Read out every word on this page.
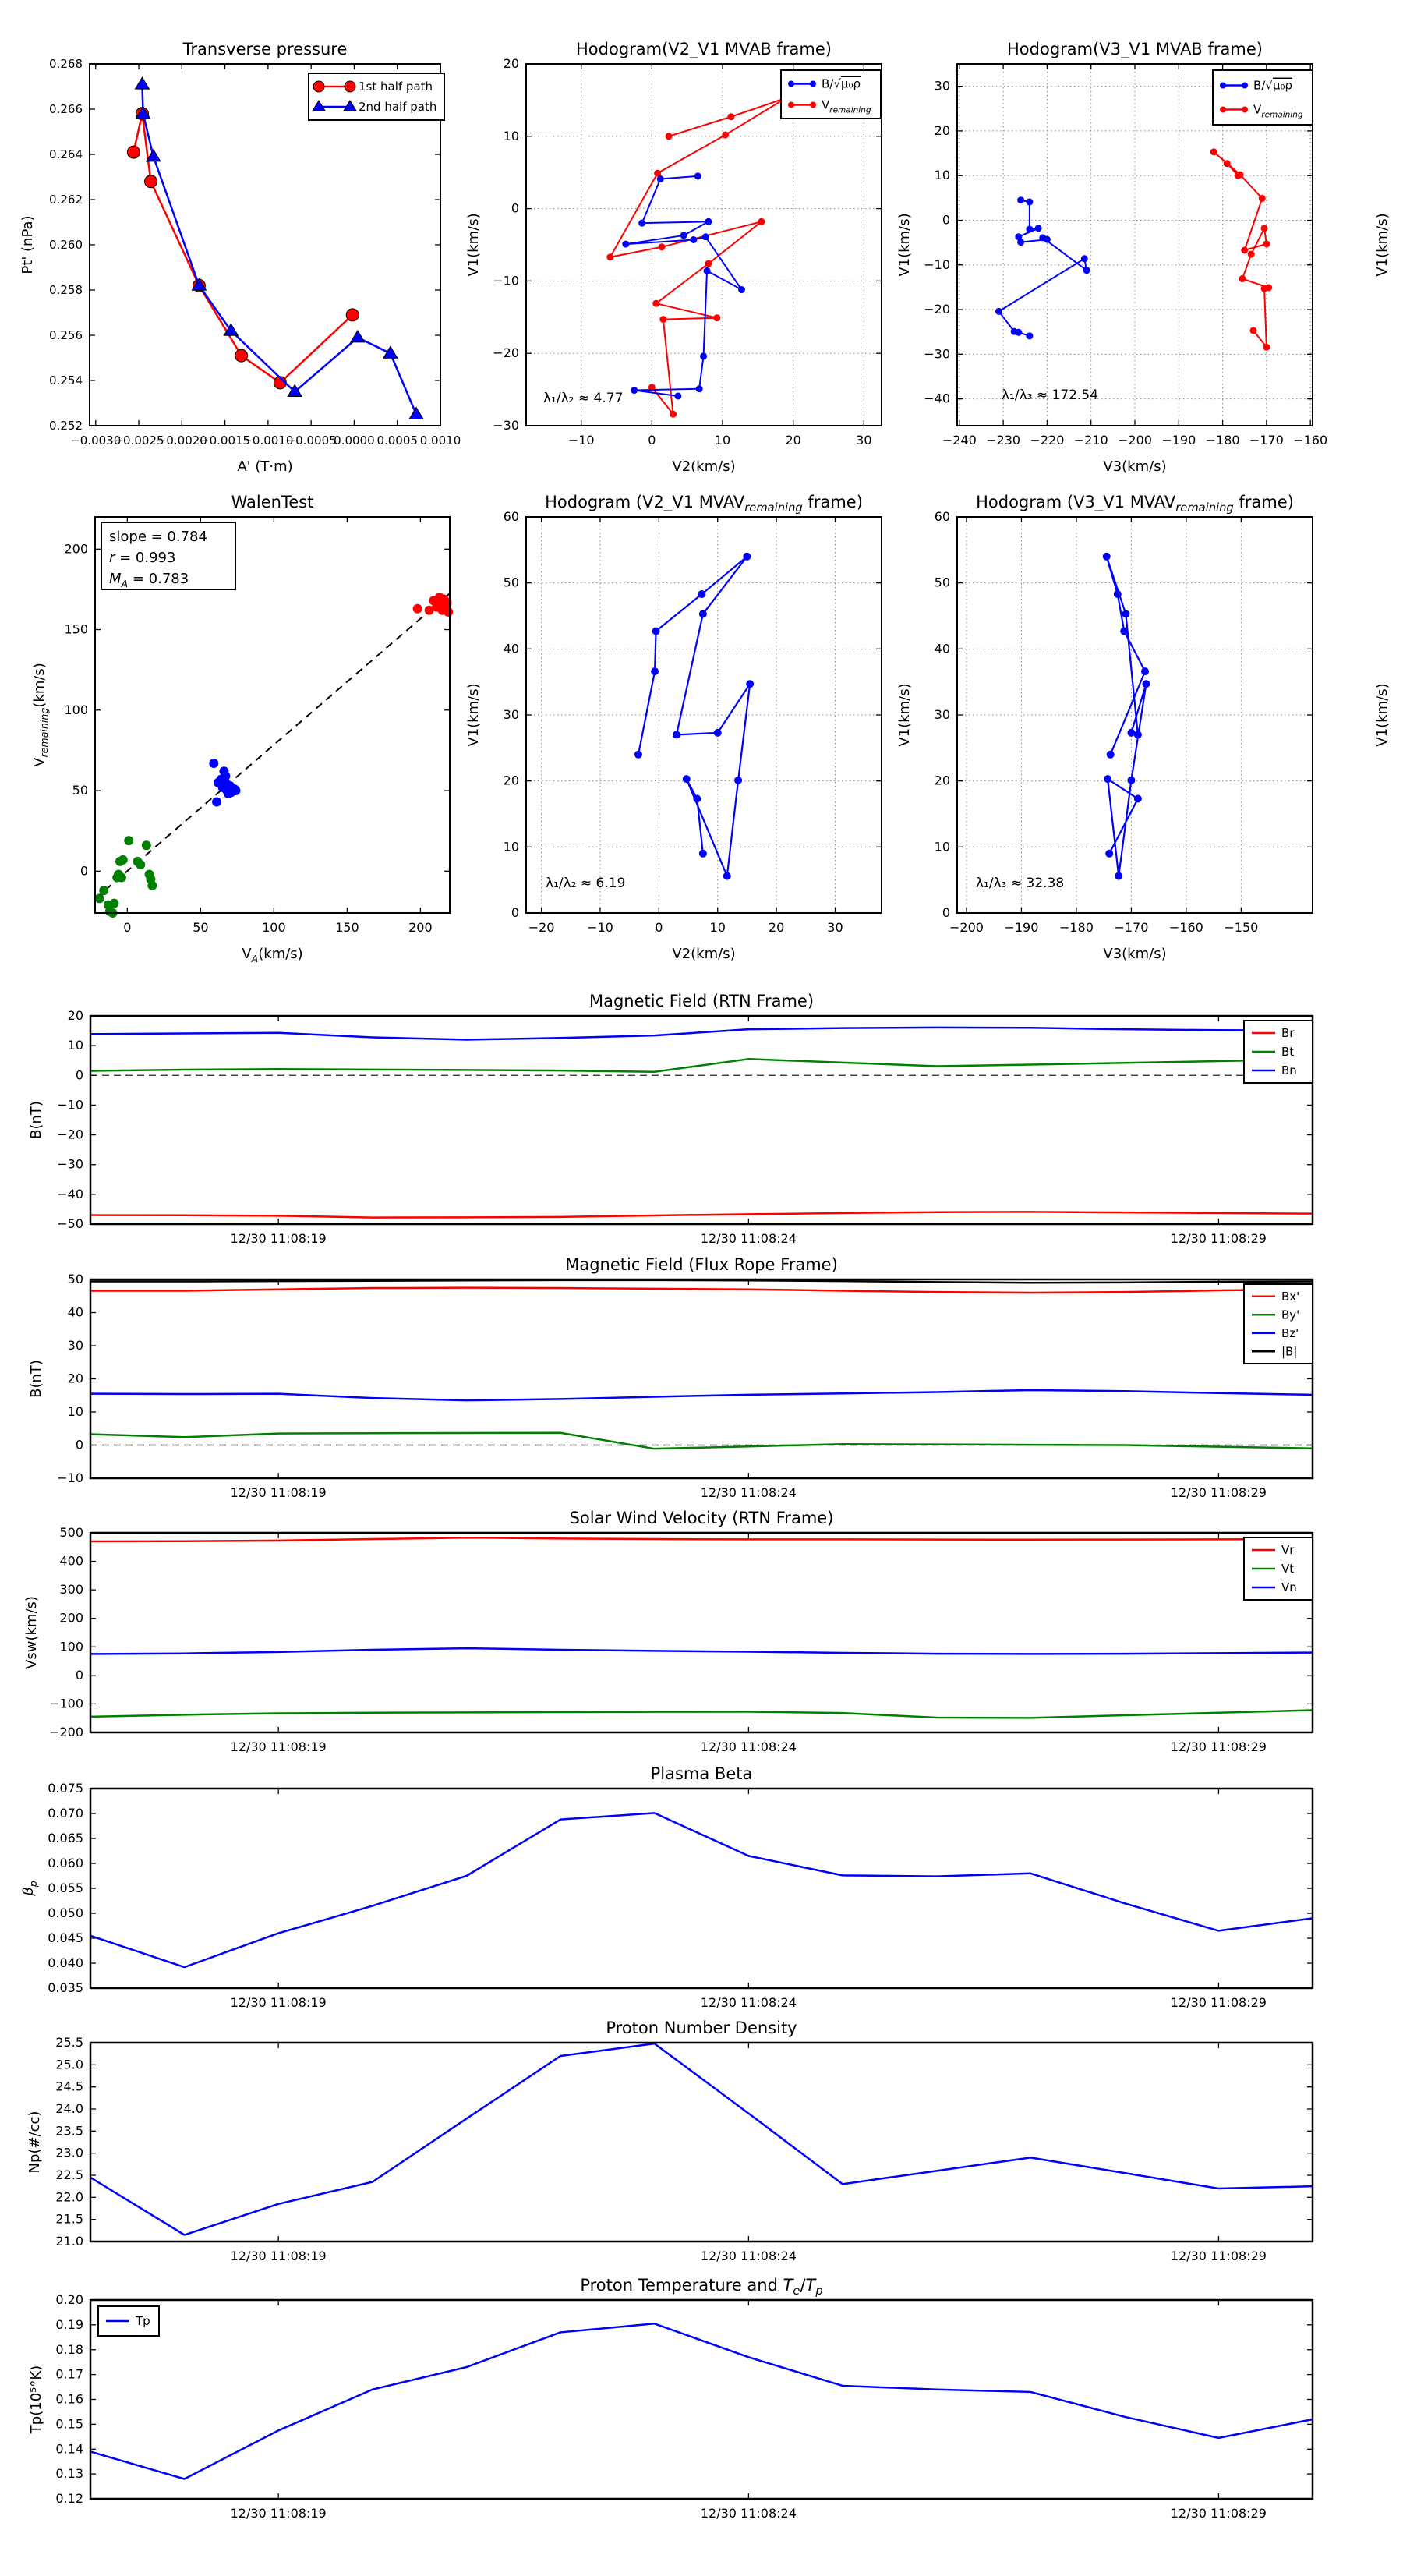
−0.0030
−0.0025
−0.0020
−0.0015
−0.0010
−0.0005
0.0000 0.0005 0.0010
0.252
0.254
0.256
0.258
0.260
0.262
0.264
0.266
0.268
Transverse pressure
A' (T·m)
Pt' (nPa)
1st half path
2nd half path
−10	0	10	20	30
−30
−20
−10
0
10
20
Hodogram(V2_V1 MVAB frame)
V2(km/s)
V1(km/s)
λ₁/λ₂ ≈ 4.77
B/√μ₀ρ
$V_{remaining}$
−240 −230 −220 −210 −200 −190 −180 −170 −160
−40
−30
−20
−10
0
10
20
30
Hodogram(V3_V1 MVAB frame)
V3(km/s)
V1(km/s)	V1(km/s)
λ₁/λ₃ ≈ 172.54
B/√μ₀ρ
$V_{remaining}$
0	50	100	150	200
0
50
100
150
200
WalenTest
$V_A(km/s)$
$V_{remaining}(km/s)$
slope = 0.784
r = 0.993
$M_A = 0.783$
−20	−10	0	10	20	30
0
10
20
30
40
50
60
Hodogram (V2_V1 $MVAV_{remaining}$ frame)
V2(km/s)
V1(km/s)
λ₁/λ₂ ≈ 6.19
−200 −190 −180 −170 −160 −150
0
10
20
30
40
50
60
Hodogram (V3_V1 $MVAV_{remaining}$ frame)
V3(km/s)
V1(km/s)	V1(km/s)
λ₁/λ₃ ≈ 32.38
12/30 11:08:19	12/30 11:08:24	12/30 11:08:29
20
10
0
−10
−20
−30
−40
−50
Magnetic Field (RTN Frame)
B(nT)
Br
Bt
Bn
12/30 11:08:19	12/30 11:08:24	12/30 11:08:29
50
40
30
20
10
0
−10
Magnetic Field (Flux Rope Frame)
B(nT)
Bx'
By'
Bz'
|B|
12/30 11:08:19	12/30 11:08:24	12/30 11:08:29
500
400
300
200
100
0
−100
−200
Solar Wind Velocity (RTN Frame)
Vsw(km/s)
Vr
Vt
Vn
12/30 11:08:19	12/30 11:08:24	12/30 11:08:29
0.075
0.070
0.065
0.060
0.055
0.050
0.045
0.040
0.035
Plasma Beta
$\beta_p$
12/30 11:08:19	12/30 11:08:24	12/30 11:08:29
25.5
25.0
24.5
24.0
23.5
23.0
22.5
22.0
21.5
21.0
Proton Number Density
Np(#/cc)
12/30 11:08:19	12/30 11:08:24	12/30 11:08:29
0.20
0.19
0.18
0.17
0.16
0.15
0.14
0.13
0.12
Proton Temperature and $T_e/T_p$
Tp(10⁵°K)
Tp
